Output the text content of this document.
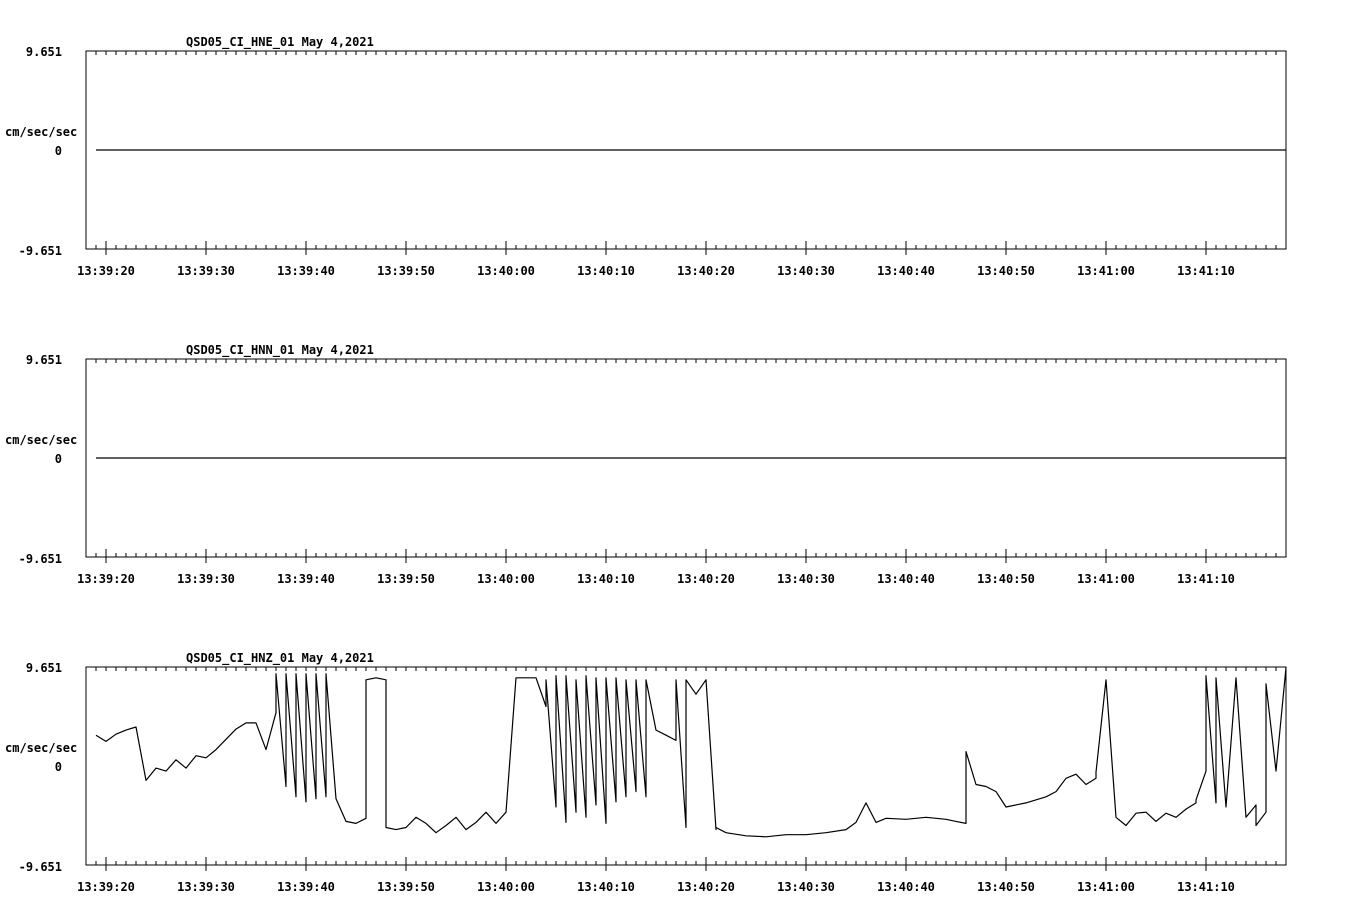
QSD05_CI_HNE_01 May 4,2021
cm/sec/sec
9.651
0
-9.651
13:39:20	13:39:30	13:39:40	13:39:50	13:40:00	13:40:10	13:40:20	13:40:30	13:40:40	13:40:50	13:41:00	13:41:10
QSD05_CI_HNN_01 May 4,2021
cm/sec/sec
9.651
0
-9.651
13:39:20	13:39:30	13:39:40	13:39:50	13:40:00	13:40:10	13:40:20	13:40:30	13:40:40	13:40:50	13:41:00	13:41:10
QSD05_CI_HNZ_01 May 4,2021
cm/sec/sec
9.651
0
-9.651
13:39:20	13:39:30	13:39:40	13:39:50	13:40:00	13:40:10	13:40:20	13:40:30	13:40:40	13:40:50	13:41:00	13:41:10
